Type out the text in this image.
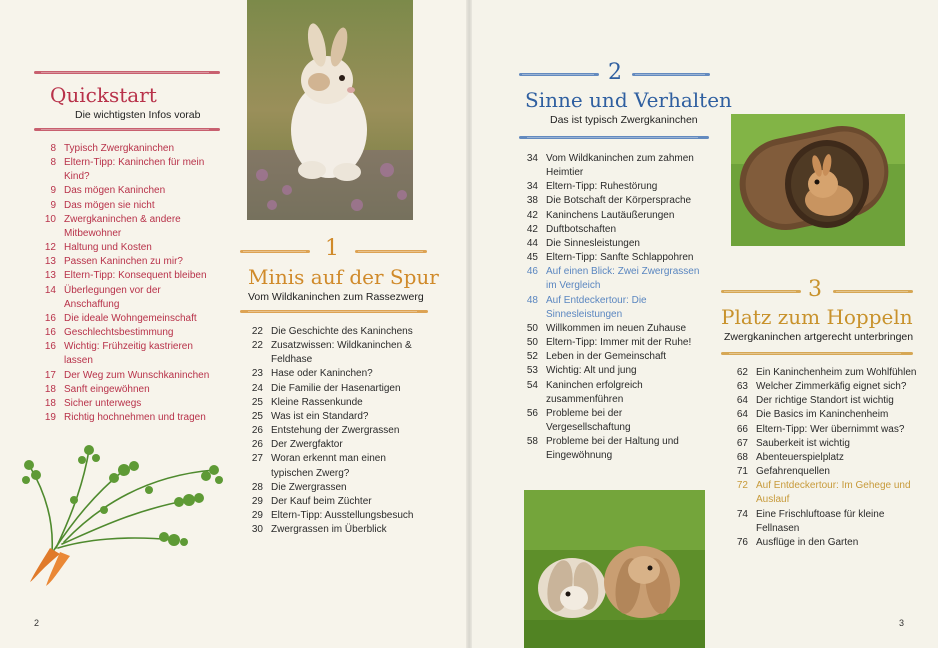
Quickstart
Die wichtigsten Infos vorab
8 Typisch Zwergkaninchen
8 Eltern-Tipp: Kaninchen für mein Kind?
9 Das mögen Kaninchen
9 Das mögen sie nicht
10 Zwergkaninchen & andere Mitbewohner
12 Haltung und Kosten
13 Passen Kaninchen zu mir?
13 Eltern-Tipp: Konsequent bleiben
14 Überlegungen vor der Anschaffung
16 Die ideale Wohngemeinschaft
16 Geschlechtsbestimmung
16 Wichtig: Frühzeitig kastrieren lassen
17 Der Weg zum Wunschkaninchen
18 Sanft eingewöhnen
18 Sicher unterwegs
19 Richtig hochnehmen und tragen
1
Minis auf der Spur
Vom Wildkaninchen zum Rassezwerg
22 Die Geschichte des Kaninchens
22 Zusatzwissen: Wildkaninchen & Feldhase
23 Hase oder Kaninchen?
24 Die Familie der Hasenartigen
25 Kleine Rassenkunde
25 Was ist ein Standard?
26 Entstehung der Zwergrassen
26 Der Zwergfaktor
27 Woran erkennt man einen typischen Zwerg?
28 Die Zwergrassen
29 Der Kauf beim Züchter
29 Eltern-Tipp: Ausstellungsbesuch
30 Zwergrassen im Überblick
2
2
Sinne und Verhalten
Das ist typisch Zwergkaninchen
34 Vom Wildkaninchen zum zahmen Heimtier
34 Eltern-Tipp: Ruhestörung
38 Die Botschaft der Körpersprache
42 Kaninchens Lautäußerungen
42 Duftbotschaften
44 Die Sinnesleistungen
45 Eltern-Tipp: Sanfte Schlappohren
46 Auf einen Blick: Zwei Zwergrassen im Vergleich
48 Auf Entdeckertour: Die Sinnesleistungen
50 Willkommen im neuen Zuhause
50 Eltern-Tipp: Immer mit der Ruhe!
52 Leben in der Gemeinschaft
53 Wichtig: Alt und jung
54 Kaninchen erfolgreich zusammenführen
56 Probleme bei der Vergesellschaftung
58 Probleme bei der Haltung und Eingewöhnung
3
Platz zum Hoppeln
Zwergkaninchen artgerecht unterbringen
62 Ein Kaninchenheim zum Wohlfühlen
63 Welcher Zimmerkäfig eignet sich?
64 Der richtige Standort ist wichtig
64 Die Basics im Kaninchenheim
66 Eltern-Tipp: Wer übernimmt was?
67 Sauberkeit ist wichtig
68 Abenteuerspielplatz
71 Gefahrenquellen
72 Auf Entdeckertour: Im Gehege und Auslauf
74 Eine Frischluftoase für kleine Fellnasen
76 Ausflüge in den Garten
3
